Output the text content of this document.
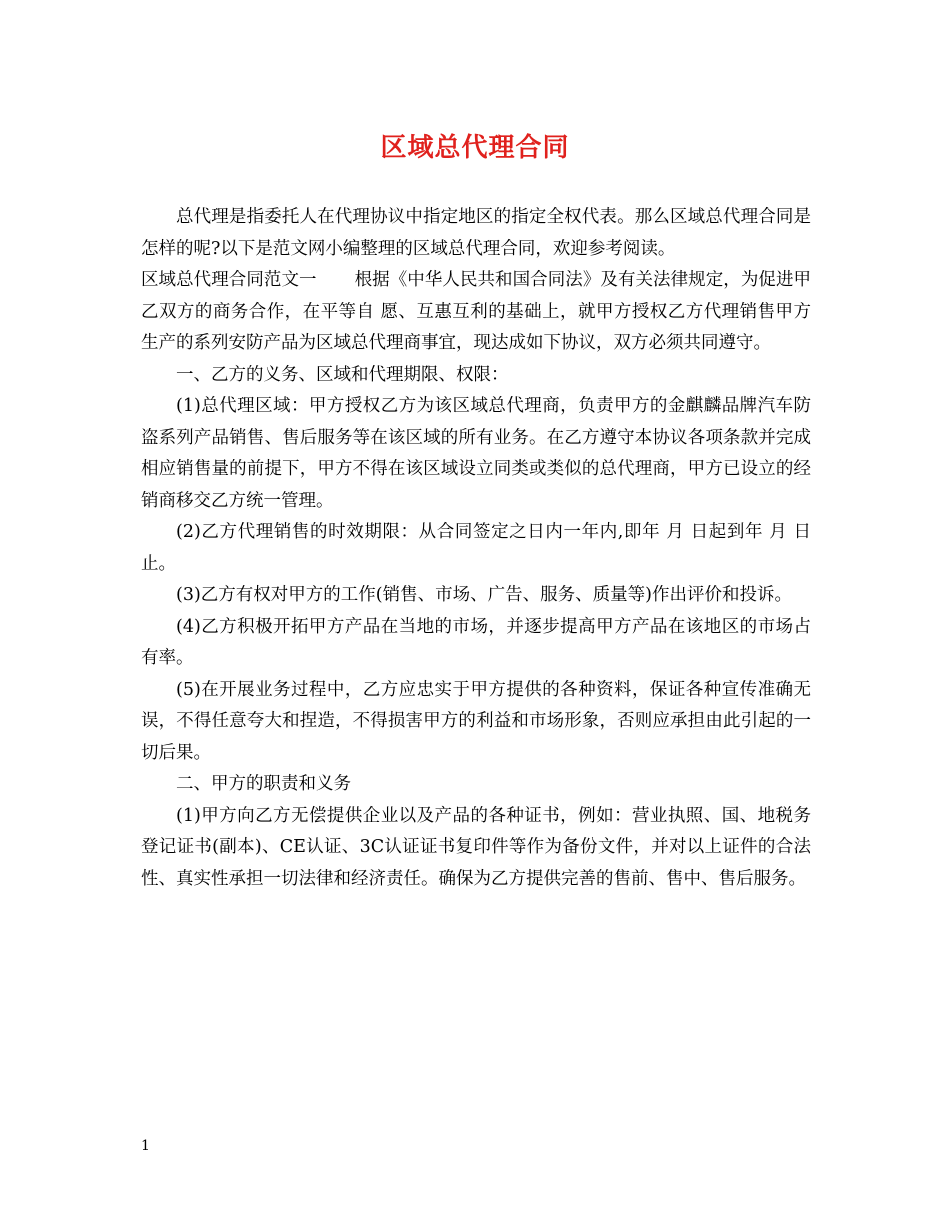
区域总代理合同

总代理是指委托人在代理协议中指定地区的指定全权代表。那么区域总代理合同是怎样的呢?以下是范文网小编整理的区域总代理合同，欢迎参考阅读。

区域总代理合同范文一 根据《中华人民共和国合同法》及有关法律规定，为促进甲乙双方的商务合作，在平等自 愿、互惠互利的基础上，就甲方授权乙方代理销售甲方生产的系列安防产品为区域总代理商事宜，现达成如下协议，双方必须共同遵守。

一、乙方的义务、区域和代理期限、权限：

(1)总代理区域：甲方授权乙方为该区域总代理商，负责甲方的金麒麟品牌汽车防盗系列产品销售、售后服务等在该区域的所有业务。在乙方遵守本协议各项条款并完成相应销售量的前提下，甲方不得在该区域设立同类或类似的总代理商，甲方已设立的经销商移交乙方统一管理。

(2)乙方代理销售的时效期限：从合同签定之日内一年内,即年 月 日起到年 月 日止。

(3)乙方有权对甲方的工作(销售、市场、广告、服务、质量等)作出评价和投诉。

(4)乙方积极开拓甲方产品在当地的市场，并逐步提高甲方产品在该地区的市场占有率。

(5)在开展业务过程中，乙方应忠实于甲方提供的各种资料，保证各种宣传准确无误，不得任意夸大和捏造，不得损害甲方的利益和市场形象，否则应承担由此引起的一切后果。

二、甲方的职责和义务

(1)甲方向乙方无偿提供企业以及产品的各种证书，例如：营业执照、国、地税务登记证书(副本)、CE认证、3C认证证书复印件等作为备份文件，并对以上证件的合法性、真实性承担一切法律和经济责任。确保为乙方提供完善的售前、售中、售后服务。

1
